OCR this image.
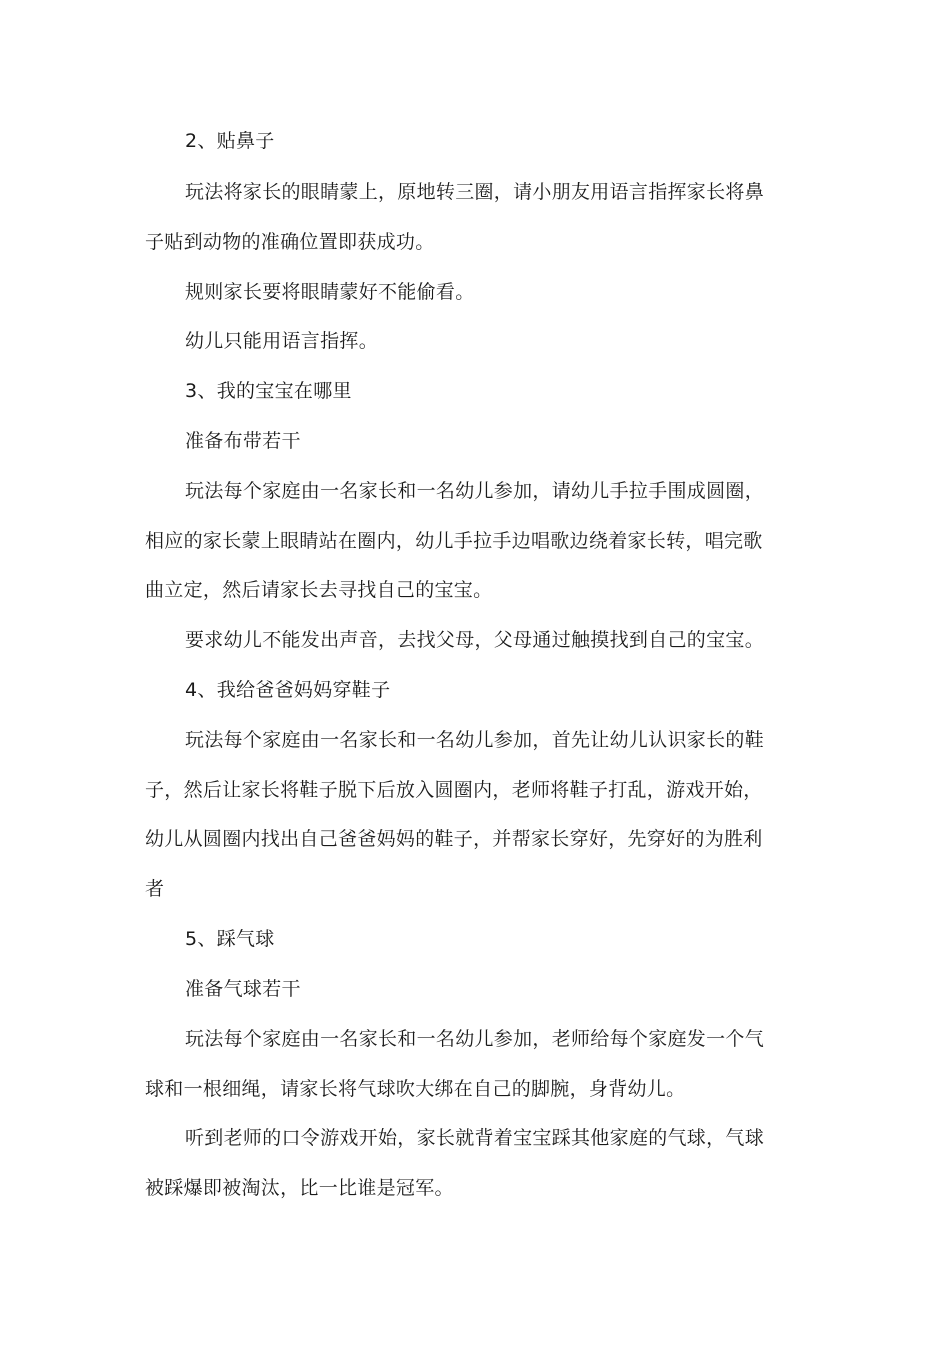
2、贴鼻子
玩法将家长的眼睛蒙上，原地转三圈，请小朋友用语言指挥家长将鼻
子贴到动物的准确位置即获成功。
规则家长要将眼睛蒙好不能偷看。
幼儿只能用语言指挥。
3、我的宝宝在哪里
准备布带若干
玩法每个家庭由一名家长和一名幼儿参加，请幼儿手拉手围成圆圈，
相应的家长蒙上眼睛站在圈内，幼儿手拉手边唱歌边绕着家长转，唱完歌
曲立定，然后请家长去寻找自己的宝宝。
要求幼儿不能发出声音，去找父母，父母通过触摸找到自己的宝宝。
4、我给爸爸妈妈穿鞋子
玩法每个家庭由一名家长和一名幼儿参加，首先让幼儿认识家长的鞋
子，然后让家长将鞋子脱下后放入圆圈内，老师将鞋子打乱，游戏开始，
幼儿从圆圈内找出自己爸爸妈妈的鞋子，并帮家长穿好，先穿好的为胜利
者
5、踩气球
准备气球若干
玩法每个家庭由一名家长和一名幼儿参加，老师给每个家庭发一个气
球和一根细绳，请家长将气球吹大绑在自己的脚腕，身背幼儿。
听到老师的口令游戏开始，家长就背着宝宝踩其他家庭的气球，气球
被踩爆即被淘汰，比一比谁是冠军。
